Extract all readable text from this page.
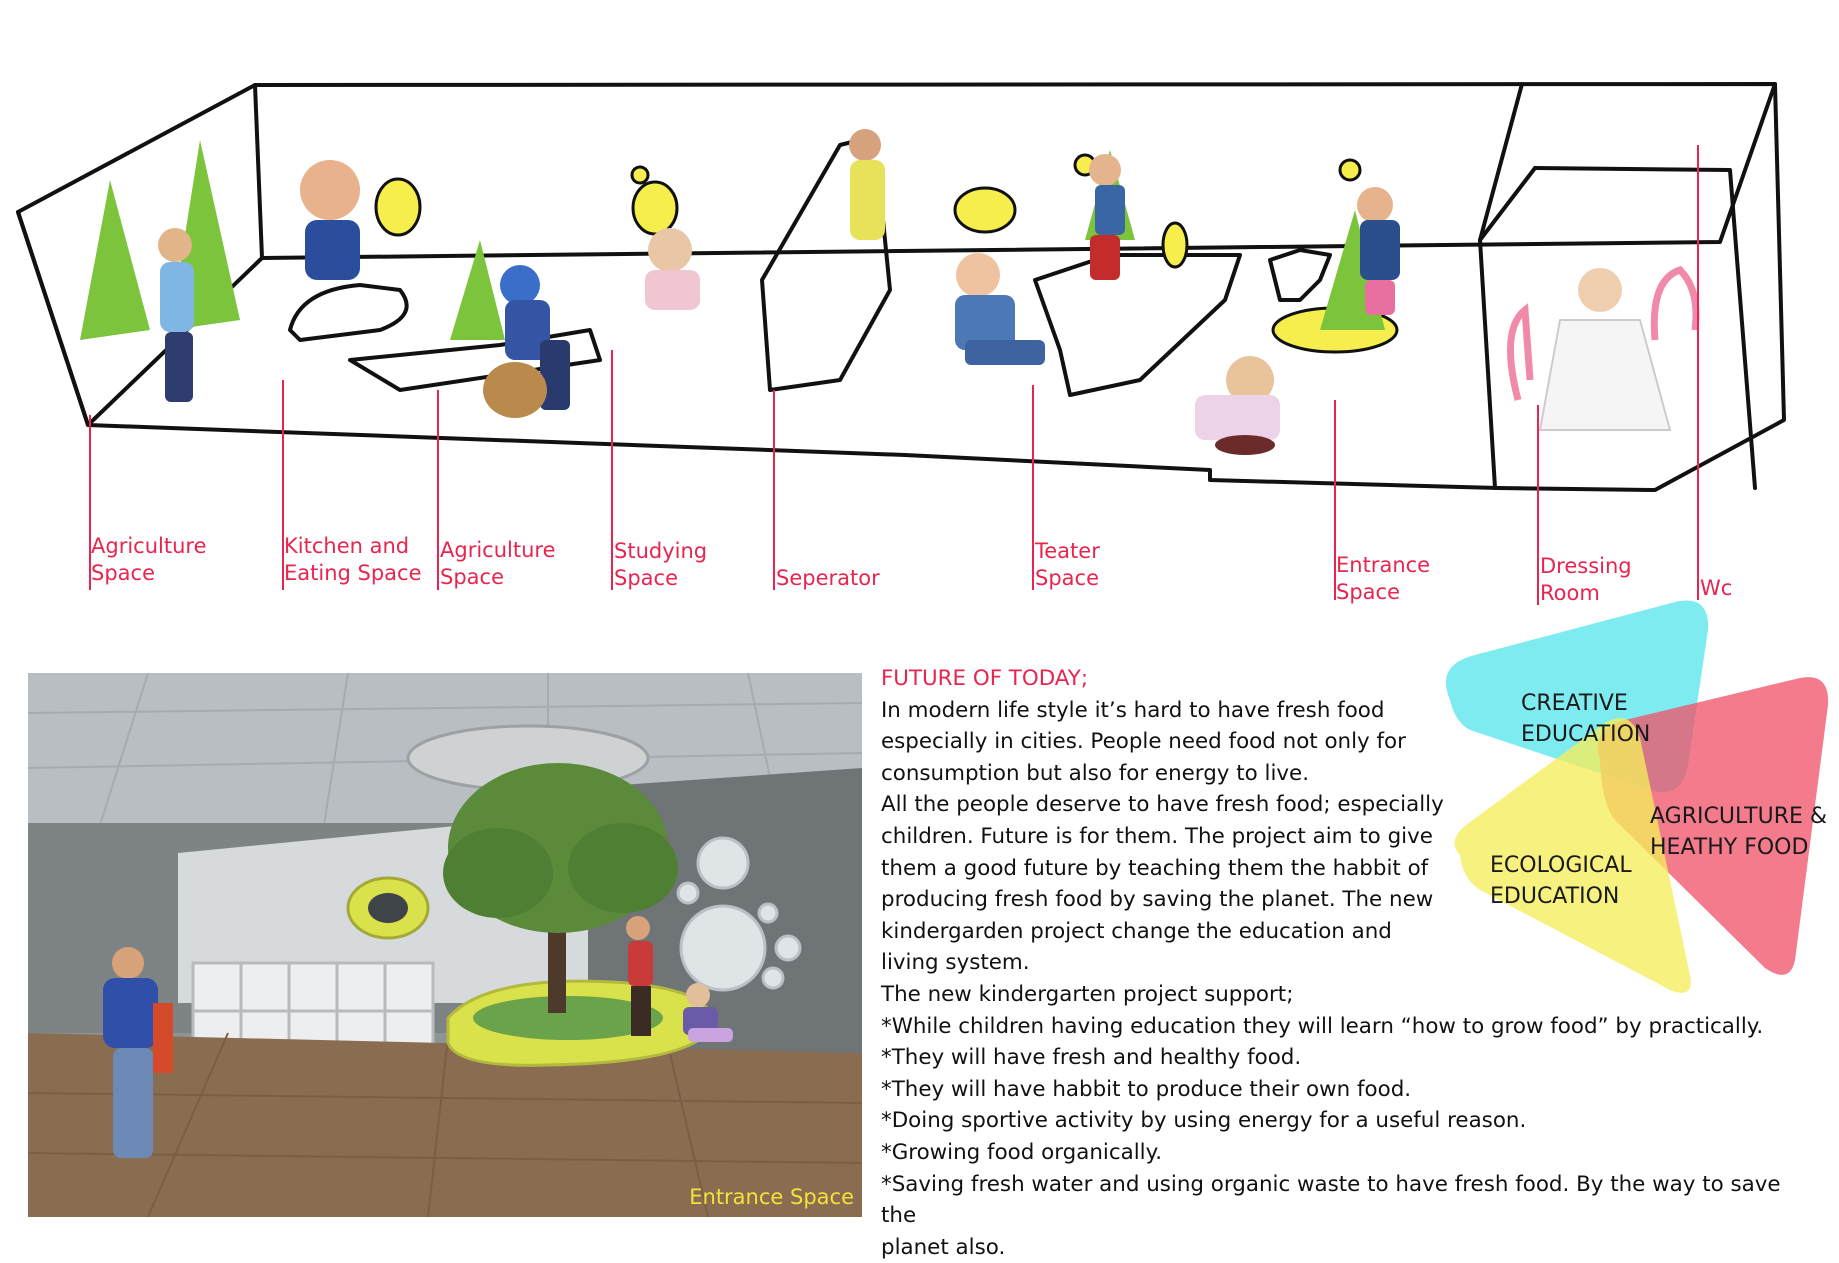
Agriculture
Space
Kitchen and
Eating Space
Agriculture
Space
Studying
Space	Seperator
Teater
Space
Entrance
Space
Dressing
Room	Wc
Entrance Space

FUTURE OF TODAY;

In modern life style it’s hard to have fresh food

especially in cities. People need food not only for

consumption but also for energy to live.

All the people deserve to have fresh food; especially

children. Future is for them. The project aim to give

them a good future by teaching them the habbit of

producing fresh food by saving the planet. The new

kindergarden project change the education and

living system.

The new kindergarten project support;

*While children having education they will learn “how to grow food” by practically.

*They will have fresh and healthy food.

*They will have habbit to produce their own food.

*Doing sportive activity by using energy for a useful reason.

*Growing food organically.

*Saving fresh water and using organic waste to have fresh food. By the way to save the

planet also.

CREATIVE
EDUCATION
AGRICULTURE &
HEATHY FOOD
ECOLOGICAL
EDUCATION
